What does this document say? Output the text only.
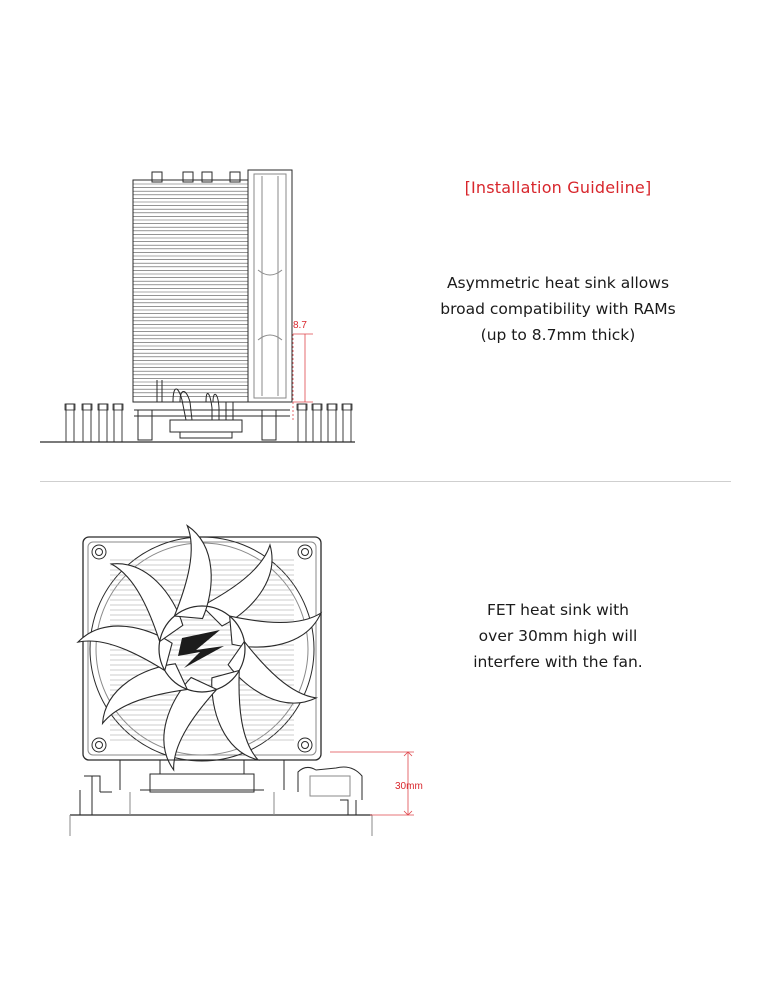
8.7
[Installation Guideline]
Asymmetric heat sink allows
broad compatibility with RAMs
(up to 8.7mm thick)
30mm
FET heat sink with
over 30mm high will
interfere with the fan.
